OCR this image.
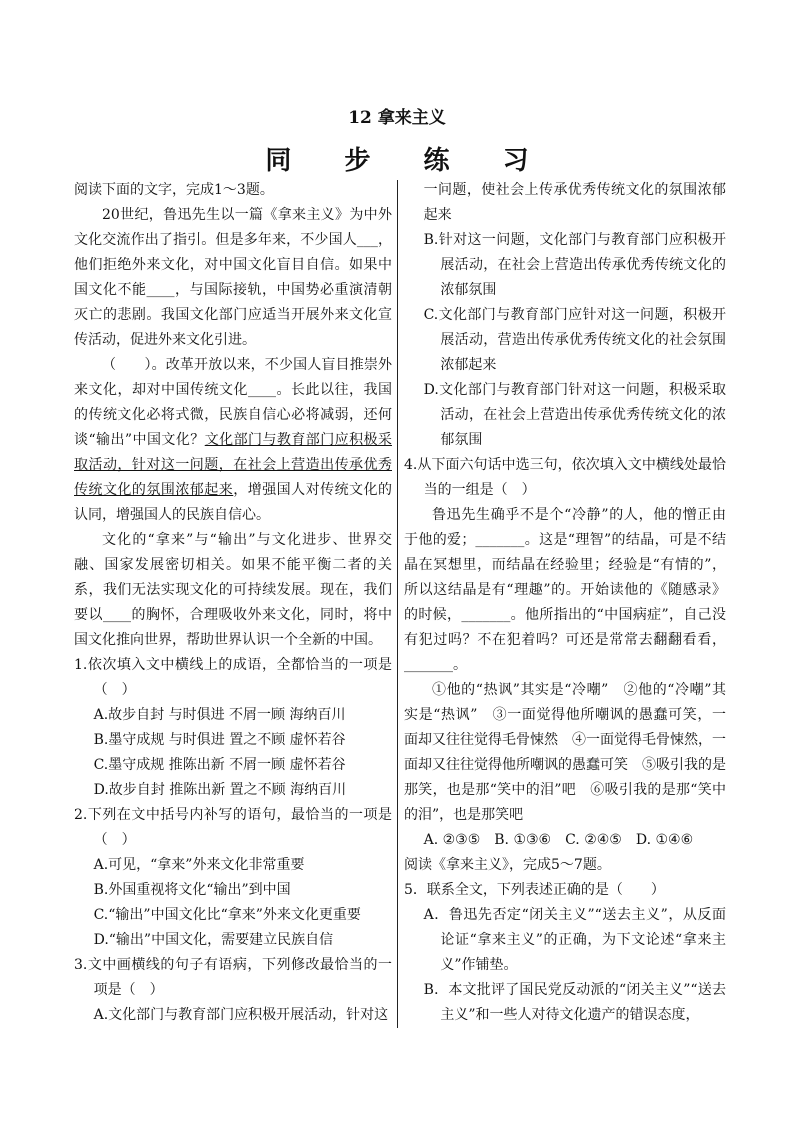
12 拿来主义
同 步 练 习

阅读下面的文字，完成1～3题。

20世纪，鲁迅先生以一篇《拿来主义》为中外文化交流作出了指引。但是多年来，不少国人___，他们拒绝外来文化，对中国文化盲目自信。如果中国文化不能____，与国际接轨，中国势必重演清朝灭亡的悲剧。我国文化部门应适当开展外来文化宣传活动，促进外来文化引进。

（　　）。改革开放以来，不少国人盲目推崇外来文化，却对中国传统文化____。长此以往，我国的传统文化必将式微，民族自信心必将减弱，还何谈“输出”中国文化？文化部门与教育部门应积极采取活动，针对这一问题，在社会上营造出传承优秀传统文化的氛围浓郁起来，增强国人对传统文化的认同，增强国人的民族自信心。

文化的“拿来”与“输出”与文化进步、世界交融、国家发展密切相关。如果不能平衡二者的关系，我们无法实现文化的可持续发展。现在，我们要以____的胸怀，合理吸收外来文化，同时，将中国文化推向世界，帮助世界认识一个全新的中国。

1.依次填入文中横线上的成语，全都恰当的一项是（　）

A.故步自封 与时俱进 不屑一顾 海纳百川

B.墨守成规 与时俱进 置之不顾 虚怀若谷

C.墨守成规 推陈出新 不屑一顾 虚怀若谷

D.故步自封 推陈出新 置之不顾 海纳百川

2.下列在文中括号内补写的语句，最恰当的一项是（　）

A.可见，“拿来”外来文化非常重要

B.外国重视将文化“输出”到中国

C.“输出”中国文化比“拿来”外来文化更重要

D.“输出”中国文化，需要建立民族自信

3.文中画横线的句子有语病，下列修改最恰当的一项是（　）

A.文化部门与教育部门应积极开展活动，针对这

一问题，使社会上传承优秀传统文化的氛围浓郁起来

B.针对这一问题，文化部门与教育部门应积极开展活动，在社会上营造出传承优秀传统文化的浓郁氛围

C.文化部门与教育部门应针对这一问题，积极开展活动，营造出传承优秀传统文化的社会氛围浓郁起来

D.文化部门与教育部门针对这一问题，积极采取活动，在社会上营造出传承优秀传统文化的浓郁氛围

4.从下面六句话中选三句，依次填入文中横线处最恰当的一组是（　）

鲁迅先生确乎不是个“冷静”的人，他的憎正由于他的爱；_______。这是“理智”的结晶，可是不结晶在冥想里，而结晶在经验里；经验是“有情的”，所以这结晶是有“理趣”的。开始读他的《随感录》的时候，_______。他所指出的“中国病症”，自己没有犯过吗？不在犯着吗？可还是常常去翻翻看看，_______。

①他的“热讽”其实是“冷嘲”　②他的“冷嘲”其实是“热讽”　③一面觉得他所嘲讽的愚蠢可笑，一面却又往往觉得毛骨悚然　④一面觉得毛骨悚然，一面却又往往觉得他所嘲讽的愚蠢可笑　⑤吸引我的是那笑，也是那“笑中的泪”吧　⑥吸引我的是那“笑中的泪”，也是那笑吧

A. ②③⑤　B. ①③⑥　C. ②④⑤　D. ①④⑥

阅读《拿来主义》，完成5～7题。

5．联系全文，下列表述正确的是（　　）

A．鲁迅先否定“闭关主义”“送去主义”，从反面论证“拿来主义”的正确，为下文论述“拿来主义”作铺垫。

B．本文批评了国民党反动派的“闭关主义”“送去主义”和一些人对待文化遗产的错误态度，
